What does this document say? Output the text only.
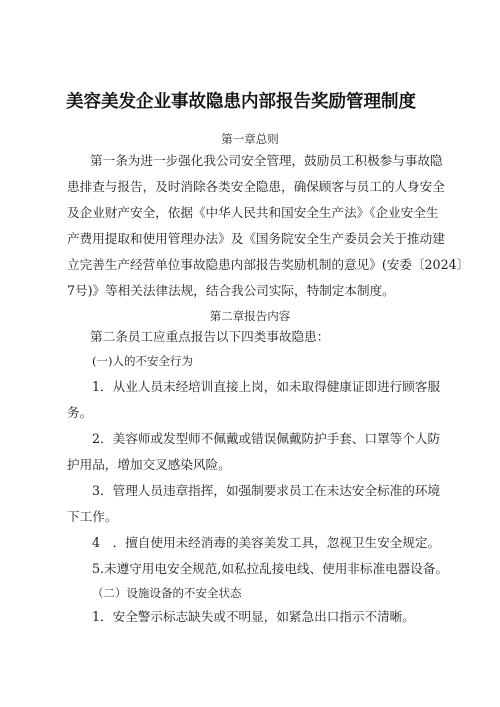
美容美发企业事故隐患内部报告奖励管理制度
第一章总则
第一条为进一步强化我公司安全管理，鼓励员工积极参与事故隐
患排查与报告，及时消除各类安全隐患，确保顾客与员工的人身安全
及企业财产安全，依据《中华人民共和国安全生产法》《企业安全生
产费用提取和使用管理办法》及《国务院安全生产委员会关于推动建
立完善生产经营单位事故隐患内部报告奖励机制的意见》(安委〔2024〕
7号)》等相关法律法规，结合我公司实际，特制定本制度。
第二章报告内容
第二条员工应重点报告以下四类事故隐患：
(一)人的不安全行为
1．从业人员未经培训直接上岗，如未取得健康证即进行顾客服
务。
2．美容师或发型师不佩戴或错误佩戴防护手套、口罩等个人防
护用品，增加交叉感染风险。
3．管理人员违章指挥，如强制要求员工在未达安全标准的环境
下工作。
4　．擅自使用未经消毒的美容美发工具，忽视卫生安全规定。
5.未遵守用电安全规范,如私拉乱接电线、使用非标准电器设备。
（二）设施设备的不安全状态
1．安全警示标志缺失或不明显，如紧急出口指示不清晰。
